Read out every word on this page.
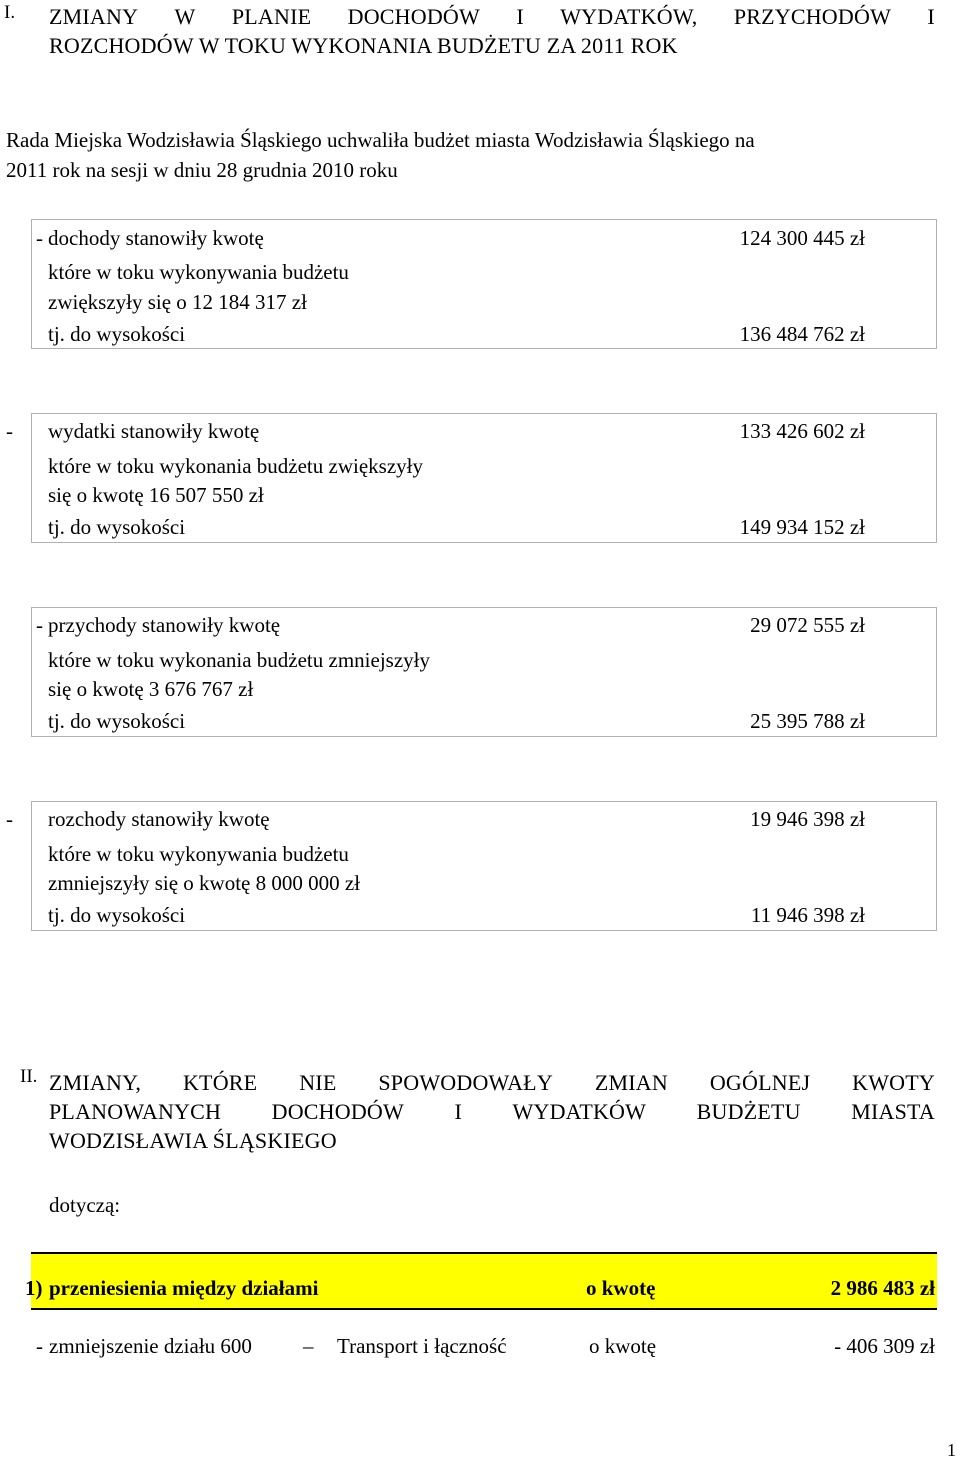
I. ZMIANY W PLANIE DOCHODÓW I WYDATKÓW, PRZYCHODÓW I
ROZCHODÓW W TOKU WYKONANIA BUDŻETU ZA 2011 ROK
Rada Miejska Wodzisławia Śląskiego uchwaliła budżet miasta Wodzisławia Śląskiego na
2011 rok na sesji w dniu 28 grudnia 2010 roku
- dochody stanowiły kwotę	124 300 445 zł
które w toku wykonywania budżetu
zwiększyły się o 12 184 317 zł
tj. do wysokości	136 484 762 zł
- wydatki stanowiły kwotę	133 426 602 zł
które w toku wykonania budżetu zwiększyły
się o kwotę 16 507 550 zł
tj. do wysokości	149 934 152 zł
- przychody stanowiły kwotę	29 072 555 zł
które w toku wykonania budżetu zmniejszyły
się o kwotę 3 676 767 zł
tj. do wysokości	25 395 788 zł
- rozchody stanowiły kwotę	19 946 398 zł
które w toku wykonywania budżetu
zmniejszyły się o kwotę 8 000 000 zł
tj. do wysokości	11 946 398 zł
II. ZMIANY, KTÓRE NIE SPOWODOWAŁY ZMIAN OGÓLNEJ KWOTY
PLANOWANYCH DOCHODÓW I WYDATKÓW BUDŻETU MIASTA
WODZISŁAWIA ŚLĄSKIEGO
dotyczą:
1) przeniesienia między działami	o kwotę	2 986 483 zł
- zmniejszenie działu 600 – Transport i łączność	o kwotę	- 406 309 zł
1
